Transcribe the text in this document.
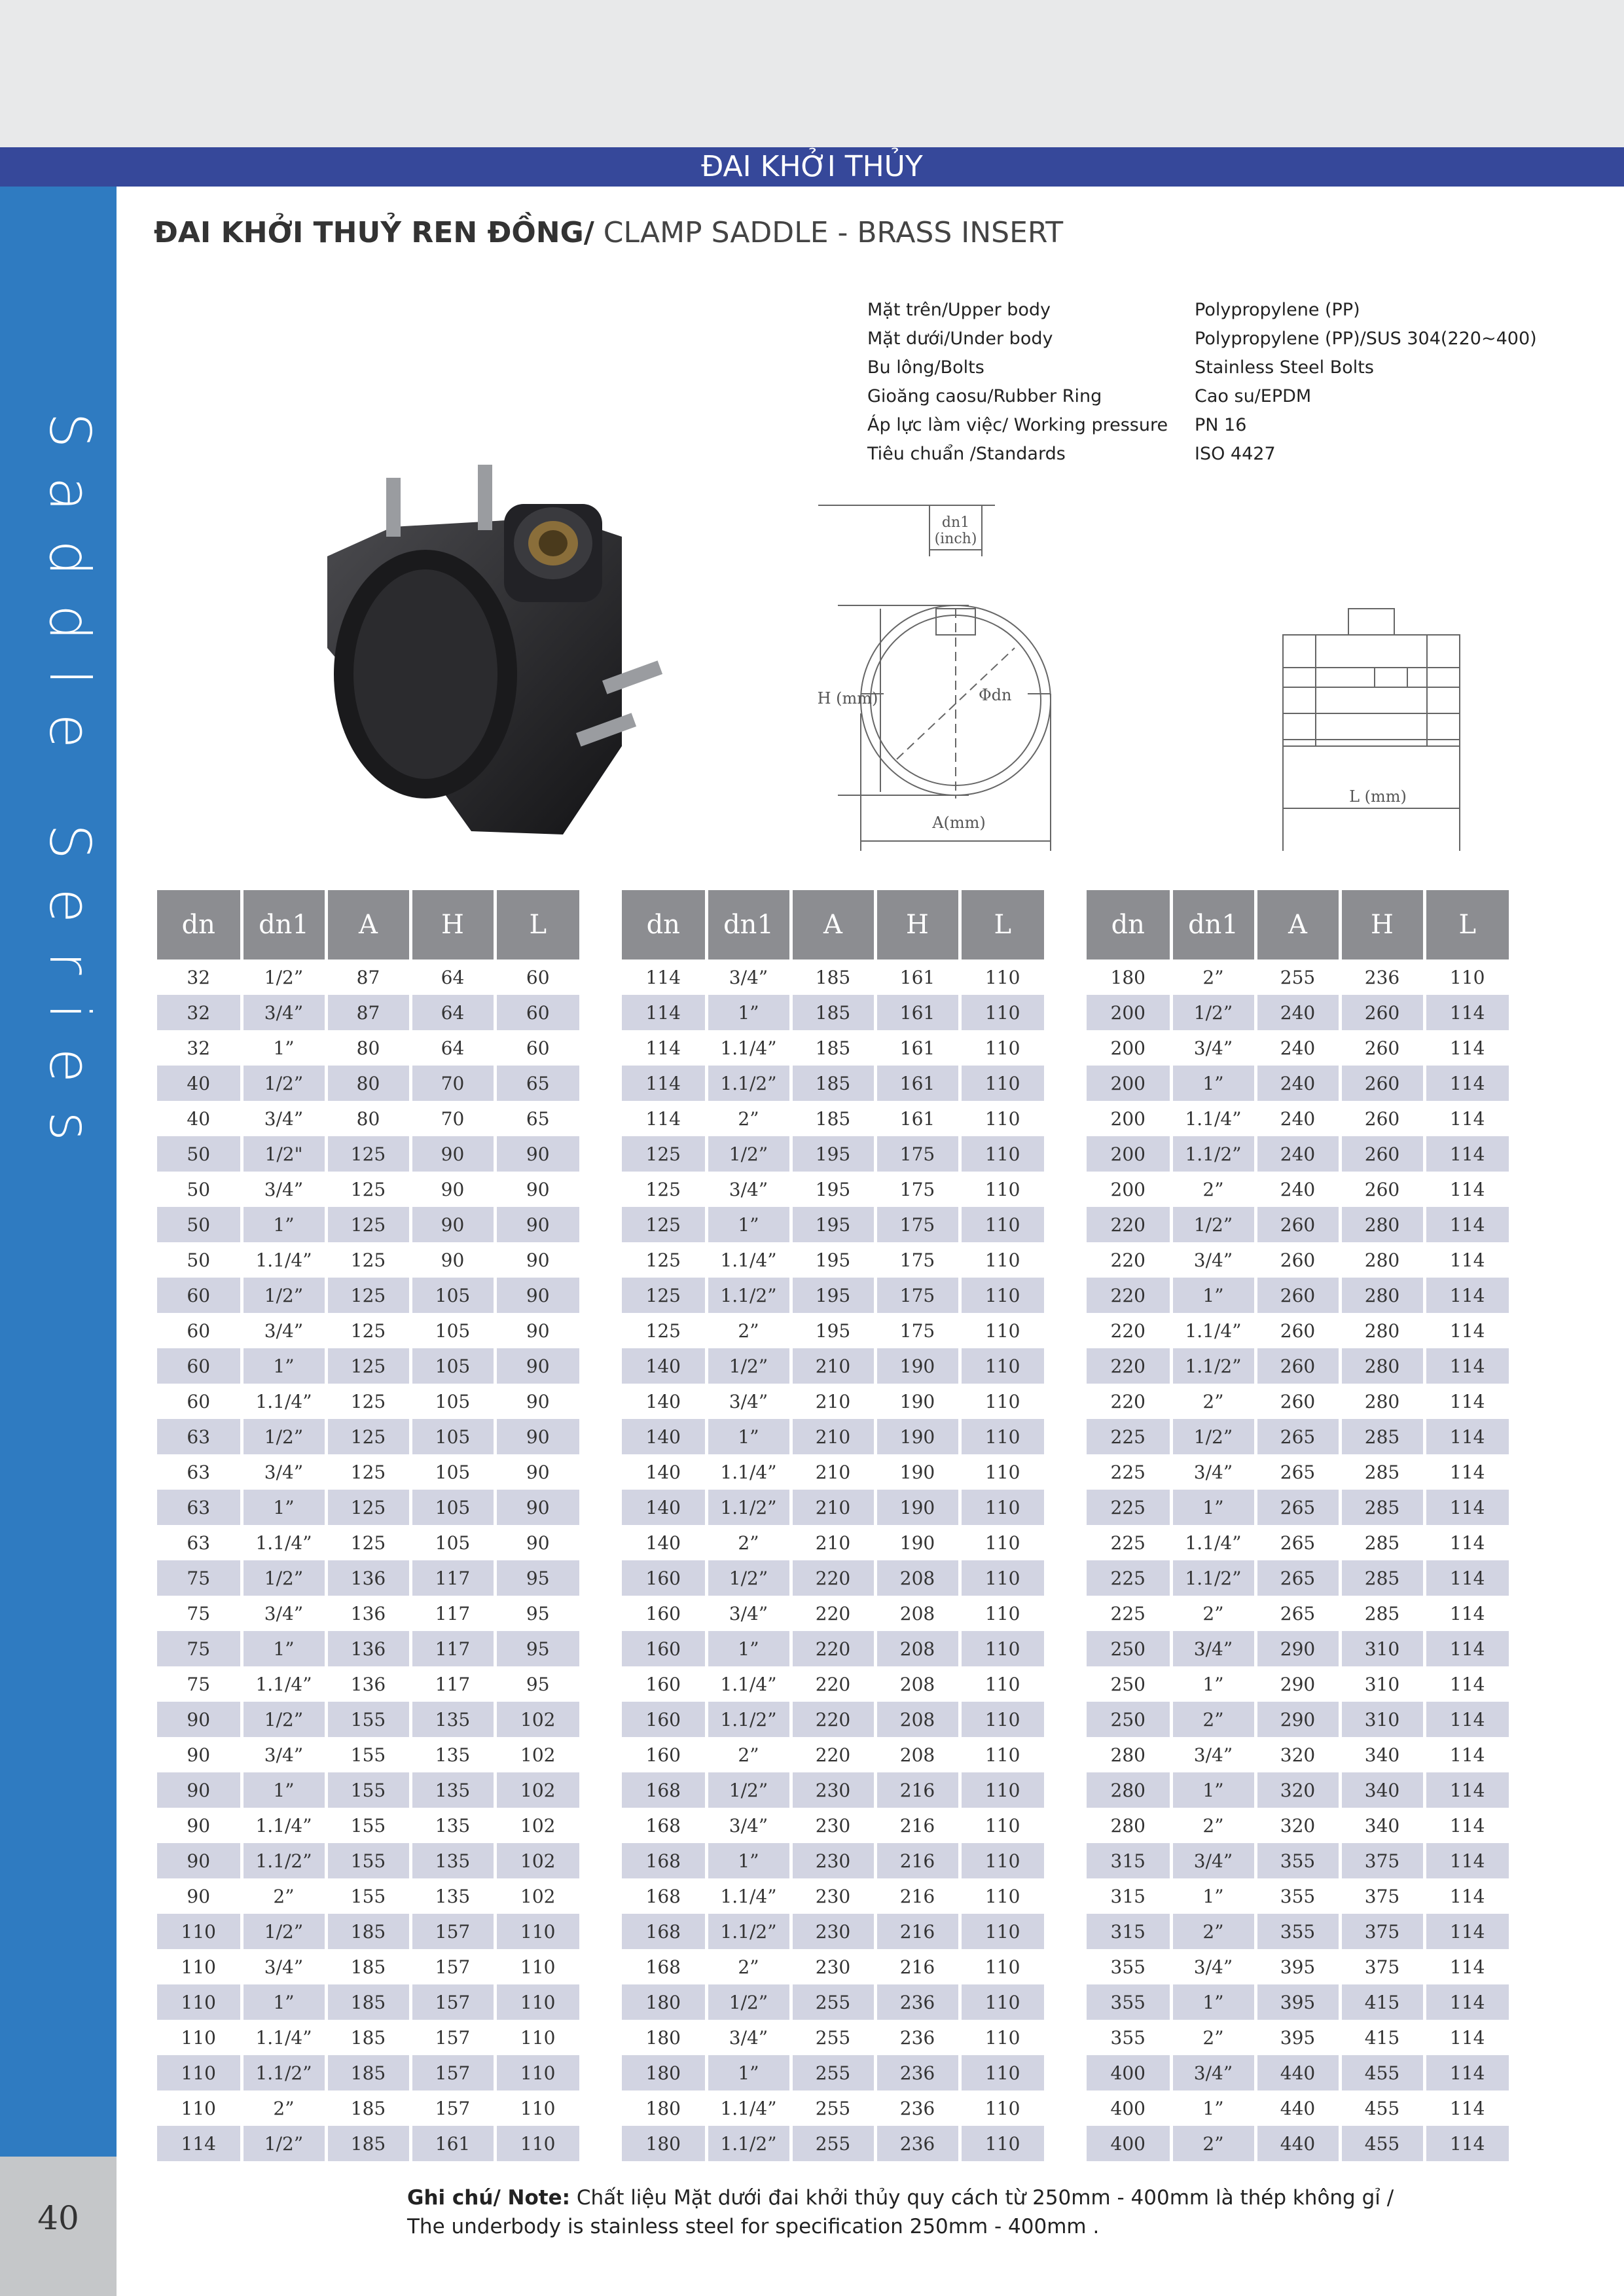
ĐAI KHỞI THỦY
Saddle Series
40
ĐAI KHỞI THUỶ REN ĐỒNG/ CLAMP SADDLE - BRASS INSERT
Mặt trên/Upper body	Polypropylene (PP)
Mặt dưới/Under body	Polypropylene (PP)/SUS 304(220~400)
Bu lông/Bolts	Stainless Steel Bolts
Gioăng caosu/Rubber Ring	Cao su/EPDM
Áp lực làm việc/ Working pressure PN 16
Tiêu chuẩn /Standards	ISO 4427
dn1
(inch)
H (mm)	Φdn
A(mm)
L (mm)
dn	dn1	A	H	L
32	1/2”	87	64	60
32	3/4”	87	64	60
32	1”	80	64	60
40	1/2”	80	70	65
40	3/4”	80	70	65
50	1/2"	125	90	90
50	3/4”	125	90	90
50	1”	125	90	90
50	1.1/4”	125	90	90
60	1/2”	125	105	90
60	3/4”	125	105	90
60	1”	125	105	90
60	1.1/4”	125	105	90
63	1/2”	125	105	90
63	3/4”	125	105	90
63	1”	125	105	90
63	1.1/4”	125	105	90
75	1/2”	136	117	95
75	3/4”	136	117	95
75	1”	136	117	95
75	1.1/4”	136	117	95
90	1/2”	155	135	102
90	3/4”	155	135	102
90	1”	155	135	102
90	1.1/4”	155	135	102
90	1.1/2”	155	135	102
90	2”	155	135	102
110	1/2”	185	157	110
110	3/4”	185	157	110
110	1”	185	157	110
110	1.1/4”	185	157	110
110	1.1/2”	185	157	110
110	2”	185	157	110
114	1/2”	185	161	110
dn	dn1	A	H	L
114	3/4”	185	161	110
114	1”	185	161	110
114	1.1/4”	185	161	110
114	1.1/2”	185	161	110
114	2”	185	161	110
125	1/2”	195	175	110
125	3/4”	195	175	110
125	1”	195	175	110
125	1.1/4”	195	175	110
125	1.1/2”	195	175	110
125	2”	195	175	110
140	1/2”	210	190	110
140	3/4”	210	190	110
140	1”	210	190	110
140	1.1/4”	210	190	110
140	1.1/2”	210	190	110
140	2”	210	190	110
160	1/2”	220	208	110
160	3/4”	220	208	110
160	1”	220	208	110
160	1.1/4”	220	208	110
160	1.1/2”	220	208	110
160	2”	220	208	110
168	1/2”	230	216	110
168	3/4”	230	216	110
168	1”	230	216	110
168	1.1/4”	230	216	110
168	1.1/2”	230	216	110
168	2”	230	216	110
180	1/2”	255	236	110
180	3/4”	255	236	110
180	1”	255	236	110
180	1.1/4”	255	236	110
180	1.1/2”	255	236	110
dn	dn1	A	H	L
180	2”	255	236	110
200	1/2”	240	260	114
200	3/4”	240	260	114
200	1”	240	260	114
200	1.1/4”	240	260	114
200	1.1/2”	240	260	114
200	2”	240	260	114
220	1/2”	260	280	114
220	3/4”	260	280	114
220	1”	260	280	114
220	1.1/4”	260	280	114
220	1.1/2”	260	280	114
220	2”	260	280	114
225	1/2”	265	285	114
225	3/4”	265	285	114
225	1”	265	285	114
225	1.1/4”	265	285	114
225	1.1/2”	265	285	114
225	2”	265	285	114
250	3/4”	290	310	114
250	1”	290	310	114
250	2”	290	310	114
280	3/4”	320	340	114
280	1”	320	340	114
280	2”	320	340	114
315	3/4”	355	375	114
315	1”	355	375	114
315	2”	355	375	114
355	3/4”	395	375	114
355	1”	395	415	114
355	2”	395	415	114
400	3/4”	440	455	114
400	1”	440	455	114
400	2”	440	455	114
Ghi chú/ Note: Chất liệu Mặt dưới đai khởi thủy quy cách từ 250mm - 400mm là thép không gỉ /
The underbody is stainless steel for specification 250mm - 400mm .
